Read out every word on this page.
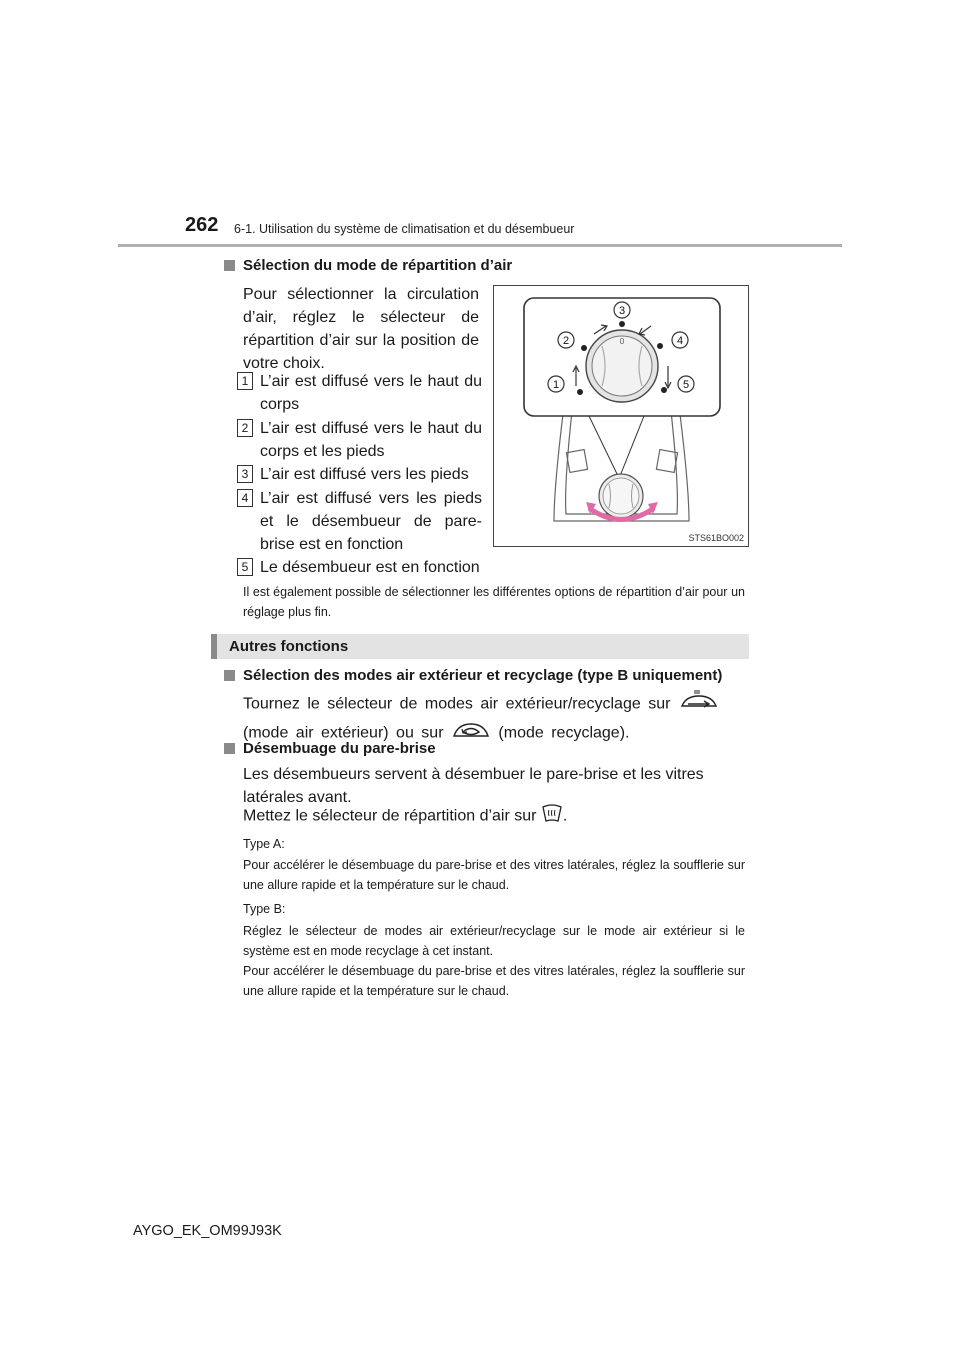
262 6-1. Utilisation du système de climatisation et du désembueur
Sélection du mode de répartition d’air
Pour sélectionner la circulation d’air, réglez le sélecteur de répartition d’air sur la position de votre choix.
1 L’air est diffusé vers le haut du corps
2 L’air est diffusé vers le haut du corps et les pieds
3 L’air est diffusé vers les pieds
4 L’air est diffusé vers les pieds et le désembueur de pare-brise est en fonction
5 Le désembueur est en fonction
0
1
2
3
4
5
STS61BO002
Il est également possible de sélectionner les différentes options de répartition d’air pour un réglage plus fin.
Autres fonctions
Sélection des modes air extérieur et recyclage (type B uniquement)
Tournez le sélecteur de modes air extérieur/recyclage sur  (mode air extérieur) ou sur	(mode recyclage).
Désembuage du pare-brise
Les désembueurs servent à désembuer le pare-brise et les vitres latérales avant.
Mettez le sélecteur de répartition d’air sur .
Type A:
Pour accélérer le désembuage du pare-brise et des vitres latérales, réglez la soufflerie sur une allure rapide et la température sur le chaud.
Type B:
Réglez le sélecteur de modes air extérieur/recyclage sur le mode air extérieur si le système est en mode recyclage à cet instant.
Pour accélérer le désembuage du pare-brise et des vitres latérales, réglez la soufflerie sur une allure rapide et la température sur le chaud.
AYGO_EK_OM99J93K
